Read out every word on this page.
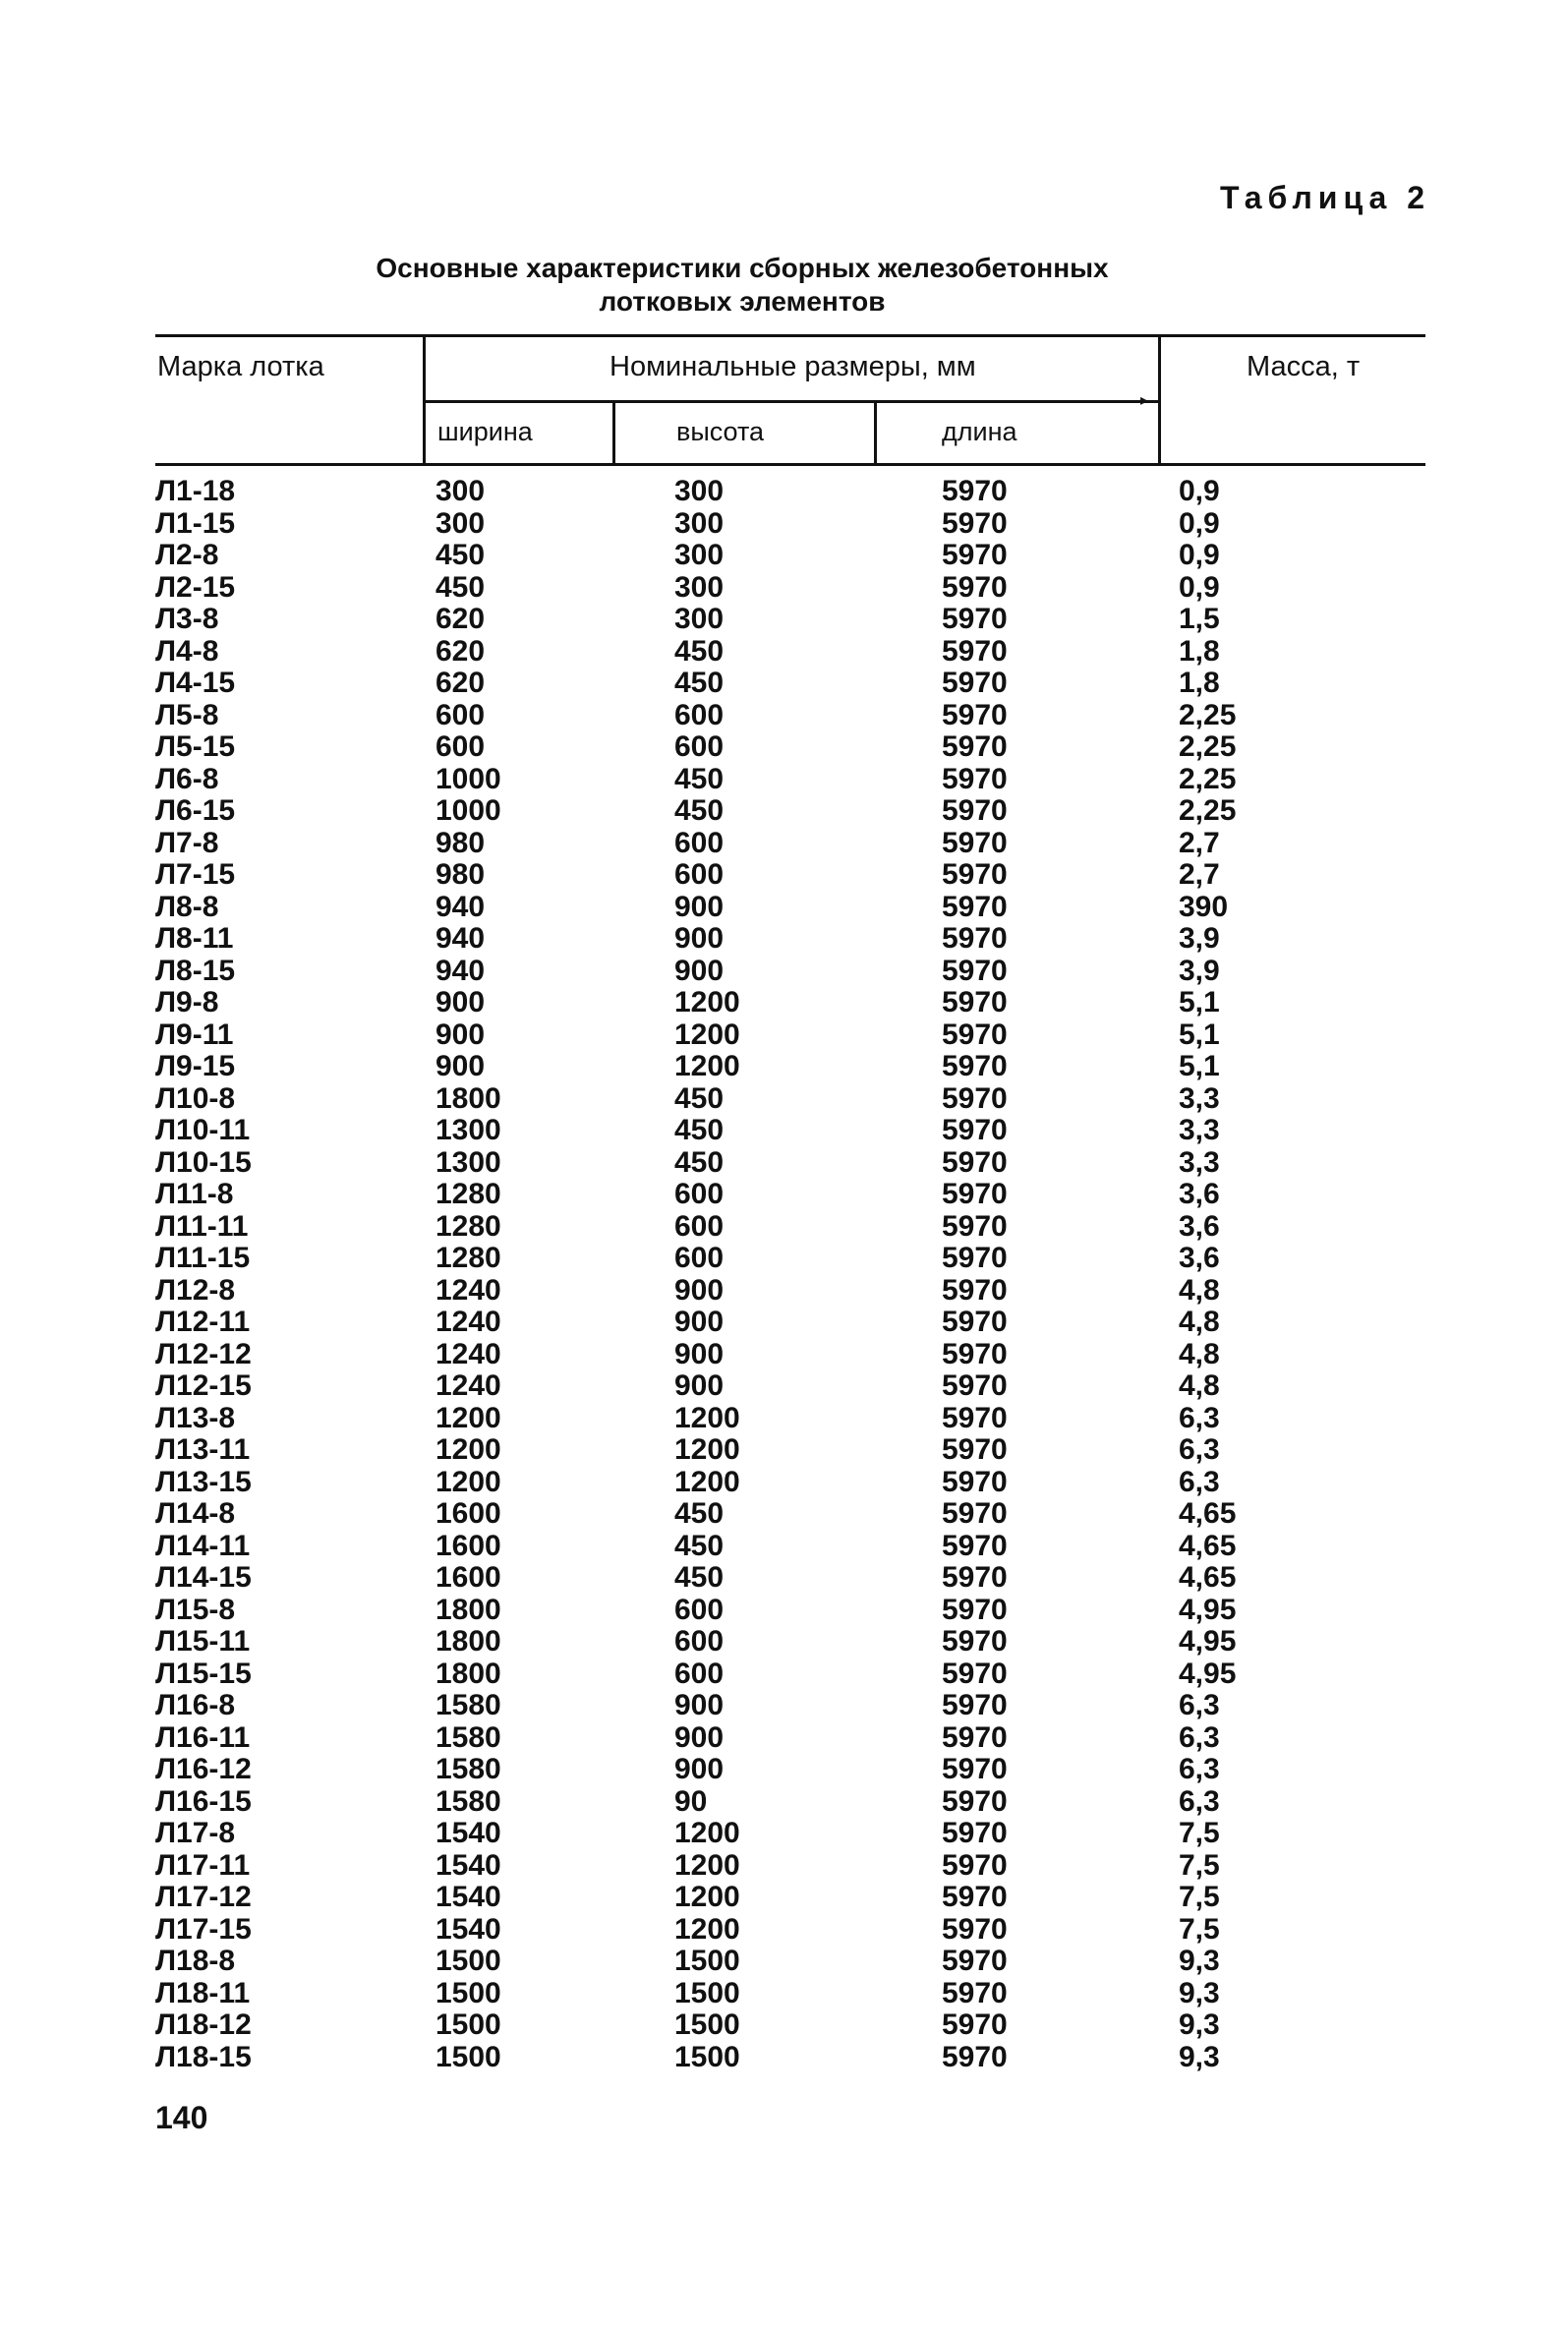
Таблица 2
Основные характеристики сборных железобетонных
лотковых элементов
▸
Марка лотка	Номинальные размеры, мм	Масса, т
ширина	высота	длина
Л1-18	300	300	5970	0,9
Л1-15	300	300	5970	0,9
Л2-8	450	300	5970	0,9
Л2-15	450	300	5970	0,9
Л3-8	620	300	5970	1,5
Л4-8	620	450	5970	1,8
Л4-15	620	450	5970	1,8
Л5-8	600	600	5970	2,25
Л5-15	600	600	5970	2,25
Л6-8	1000	450	5970	2,25
Л6-15	1000	450	5970	2,25
Л7-8	980	600	5970	2,7
Л7-15	980	600	5970	2,7
Л8-8	940	900	5970	390
Л8-11	940	900	5970	3,9
Л8-15	940	900	5970	3,9
Л9-8	900	1200	5970	5,1
Л9-11	900	1200	5970	5,1
Л9-15	900	1200	5970	5,1
Л10-8	1800	450	5970	3,3
Л10-11	1300	450	5970	3,3
Л10-15	1300	450	5970	3,3
Л11-8	1280	600	5970	3,6
Л11-11	1280	600	5970	3,6
Л11-15	1280	600	5970	3,6
Л12-8	1240	900	5970	4,8
Л12-11	1240	900	5970	4,8
Л12-12	1240	900	5970	4,8
Л12-15	1240	900	5970	4,8
Л13-8	1200	1200	5970	6,3
Л13-11	1200	1200	5970	6,3
Л13-15	1200	1200	5970	6,3
Л14-8	1600	450	5970	4,65
Л14-11	1600	450	5970	4,65
Л14-15	1600	450	5970	4,65
Л15-8	1800	600	5970	4,95
Л15-11	1800	600	5970	4,95
Л15-15	1800	600	5970	4,95
Л16-8	1580	900	5970	6,3
Л16-11	1580	900	5970	6,3
Л16-12	1580	900	5970	6,3
Л16-15	1580	90	5970	6,3
Л17-8	1540	1200	5970	7,5
Л17-11	1540	1200	5970	7,5
Л17-12	1540	1200	5970	7,5
Л17-15	1540	1200	5970	7,5
Л18-8	1500	1500	5970	9,3
Л18-11	1500	1500	5970	9,3
Л18-12	1500	1500	5970	9,3
Л18-15	1500	1500	5970	9,3
140
